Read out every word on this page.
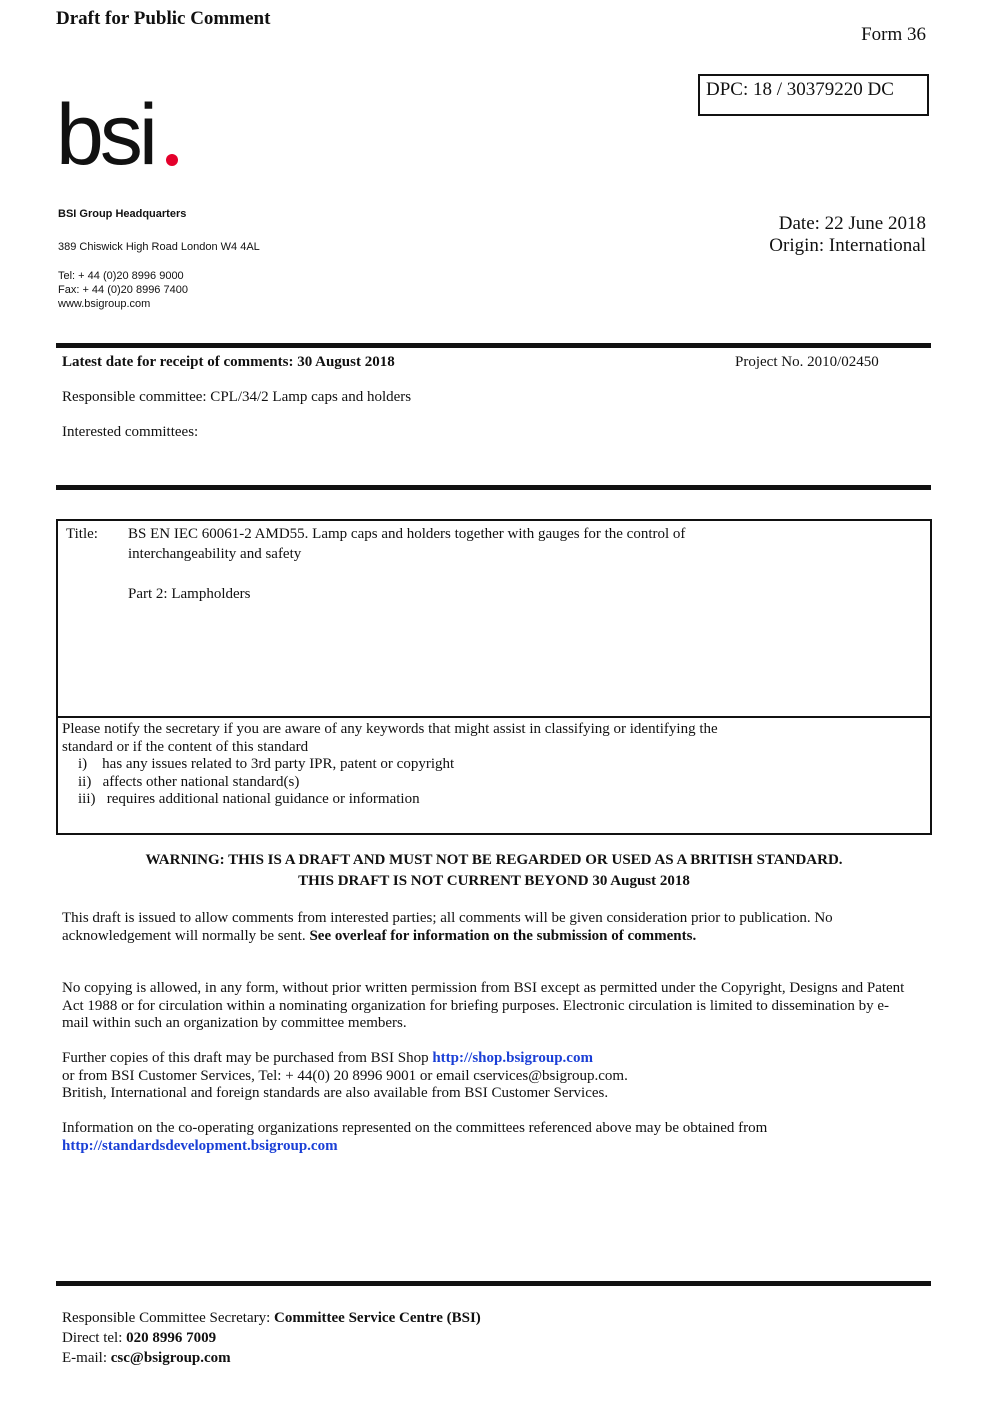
Draft for Public Comment
Form 36
DPC: 18 / 30379220 DC
bsi
BSI Group Headquarters
389 Chiswick High Road London W4 4AL
Tel: + 44 (0)20 8996 9000
Fax: + 44 (0)20 8996 7400
www.bsigroup.com
Date: 22 June 2018
Origin: International
Latest date for receipt of comments: 30 August 2018	Project No. 2010/02450
Responsible committee: CPL/34/2 Lamp caps and holders
Interested committees:
Title: BS EN IEC 60061-2 AMD55. Lamp caps and holders together with gauges for the control of
interchangeability and safety
Part 2: Lampholders
Please notify the secretary if you are aware of any keywords that might assist in classifying or identifying the
standard or if the content of this standard
i)    has any issues related to 3rd party IPR, patent or copyright
ii)   affects other national standard(s)
iii)   requires additional national guidance or information
WARNING: THIS IS A DRAFT AND MUST NOT BE REGARDED OR USED AS A BRITISH STANDARD.
THIS DRAFT IS NOT CURRENT BEYOND 30 August 2018
This draft is issued to allow comments from interested parties; all comments will be given consideration prior to publication. No acknowledgement will normally be sent. See overleaf for information on the submission of comments.
No copying is allowed, in any form, without prior written permission from BSI except as permitted under the Copyright, Designs and Patent Act 1988 or for circulation within a nominating organization for briefing purposes. Electronic circulation is limited to dissemination by e-mail within such an organization by committee members.
Further copies of this draft may be purchased from BSI Shop http://shop.bsigroup.com
or from BSI Customer Services, Tel: + 44(0) 20 8996 9001 or email cservices@bsigroup.com.
British, International and foreign standards are also available from BSI Customer Services.
Information on the co-operating organizations represented on the committees referenced above may be obtained from
http://standardsdevelopment.bsigroup.com
Responsible Committee Secretary: Committee Service Centre (BSI)
Direct tel: 020 8996 7009
E-mail: csc@bsigroup.com
